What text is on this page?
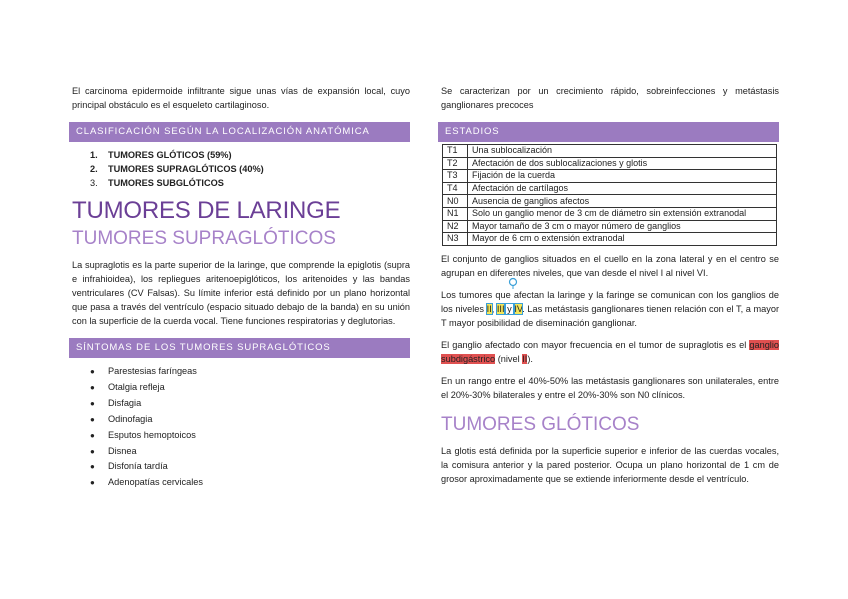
El carcinoma epidermoide infiltrante sigue unas vías de expansión local, cuyo principal obstáculo es el esqueleto cartilaginoso.

CLASIFICACIÓN SEGÚN LA LOCALIZACIÓN ANATÓMICA
1. TUMORES GLÓTICOS (59%)
2. TUMORES SUPRAGLÓTICOS (40%)
3. TUMORES SUBGLÓTICOS
TUMORES DE LARINGE
TUMORES SUPRAGLÓTICOS

La supraglotis es la parte superior de la laringe, que comprende la epiglotis (supra e infrahioidea), los repliegues aritenoepiglóticos, los aritenoides y las bandas ventriculares (CV Falsas). Su límite inferior está definido por un plano horizontal que pasa a través del ventrículo (espacio situado debajo de la banda) en su unión con la superficie de la cuerda vocal. Tiene funciones respiratorias y deglutorias.

SÍNTOMAS DE LOS TUMORES SUPRAGLÓTICOS
● Parestesias faríngeas
● Otalgia refleja
● Disfagia
● Odinofagia
● Esputos hemoptoicos
● Disnea
● Disfonía tardía
● Adenopatías cervicales

Se caracterizan por un crecimiento rápido, sobreinfecciones y metástasis ganglionares precoces

ESTADIOS
T1	Una sublocalización
T2	Afectación de dos sublocalizaciones y glotis
T3	Fijación de la cuerda
T4	Afectación de cartílagos
N0	Ausencia de ganglios afectos
N1	Solo un ganglio menor de 3 cm de diámetro sin extensión extranodal
N2	Mayor tamaño de 3 cm o mayor número de ganglios
N3	Mayor de 6 cm o extensión extranodal

El conjunto de ganglios situados en el cuello en la zona lateral y en el centro se agrupan en diferentes niveles, que van desde el nivel I al nivel VI.

Los tumores que afectan la laringe y la faringe se comunican con los ganglios de los niveles II, III y IV. Las metástasis ganglionares tienen relación con el T, a mayor T mayor posibilidad de diseminación ganglionar.

El ganglio afectado con mayor frecuencia en el tumor de supraglotis es el ganglio subdigástrico (nivel II).

En un rango entre el 40%-50% las metástasis ganglionares son unilaterales, entre el 20%-30% bilaterales y entre el 20%-30% son N0 clínicos.

TUMORES GLÓTICOS

La glotis está definida por la superficie superior e inferior de las cuerdas vocales, la comisura anterior y la pared posterior. Ocupa un plano horizontal de 1 cm de grosor aproximadamente que se extiende inferiormente desde el ventrículo.
